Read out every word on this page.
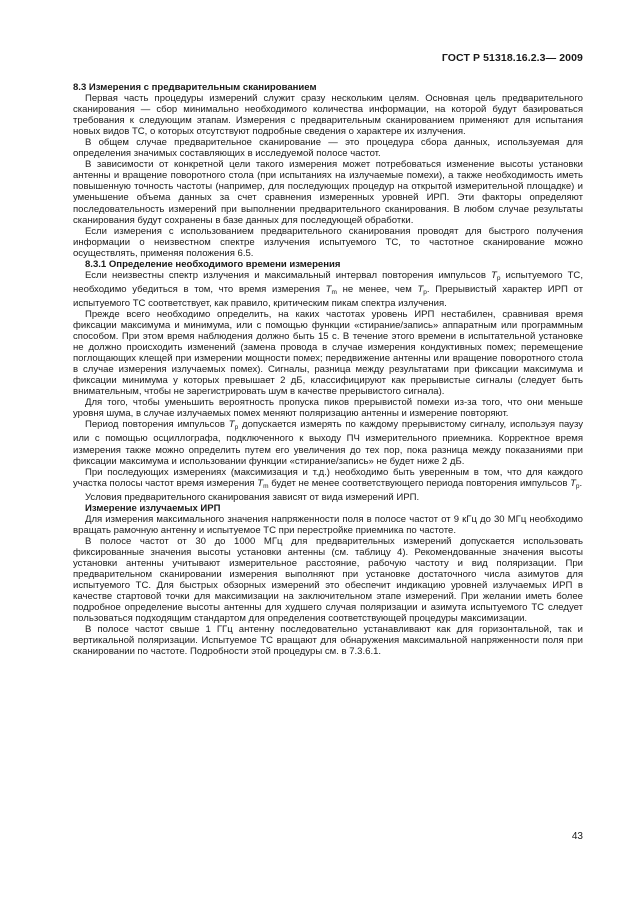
ГОСТ Р 51318.16.2.3— 2009

8.3 Измерения с предварительным сканированием

Первая часть процедуры измерений служит сразу нескольким целям. Основная цель предварительного сканирования — сбор минимально необходимого количества информации, на которой будут базироваться требования к следующим этапам. Измерения с предварительным сканированием применяют для испытания новых видов ТС, о которых отсутствуют подробные сведения о характере их излучения.

В общем случае предварительное сканирование — это процедура сбора данных, используемая для определения значимых составляющих в исследуемой полосе частот.

В зависимости от конкретной цели такого измерения может потребоваться изменение высоты установки антенны и вращение поворотного стола (при испытаниях на излучаемые помехи), а также необходимость иметь повышенную точность частоты (например, для последующих процедур на открытой измерительной площадке) и уменьшение объема данных за счет сравнения измеренных уровней ИРП. Эти факторы определяют последовательность измерений при выполнении предварительного сканирования. В любом случае результаты сканирования будут сохранены в базе данных для последующей обработки.

Если измерения с использованием предварительного сканирования проводят для быстрого получения информации о неизвестном спектре излучения испытуемого ТС, то частотное сканирование можно осуществлять, применяя положения 6.5.

8.3.1 Определение необходимого времени измерения

Если неизвестны спектр излучения и максимальный интервал повторения импульсов $T_p$ испытуемого ТС, необходимо убедиться в том, что время измерения $T_m$ не менее, чем $T_p$. Прерывистый характер ИРП от испытуемого ТС соответствует, как правило, критическим пикам спектра излучения.

Прежде всего необходимо определить, на каких частотах уровень ИРП нестабилен, сравнивая время фиксации максимума и минимума, или с помощью функции «стирание/запись» аппаратным или программным способом. При этом время наблюдения должно быть 15 с. В течение этого времени в испытательной установке не должно происходить изменений (замена провода в случае измерения кондуктивных помех; перемещение поглощающих клещей при измерении мощности помех; передвижение антенны или вращение поворотного стола в случае измерения излучаемых помех). Сигналы, разница между результатами при фиксации максимума и фиксации минимума у которых превышает 2 дБ, классифицируют как прерывистые сигналы (следует быть внимательным, чтобы не зарегистрировать шум в качестве прерывистого сигнала).

Для того, чтобы уменьшить вероятность пропуска пиков прерывистой помехи из-за того, что они меньше уровня шума, в случае излучаемых помех меняют поляризацию антенны и измерение повторяют.

Период повторения импульсов $T_p$ допускается измерять по каждому прерывистому сигналу, используя паузу или с помощью осциллографа, подключенного к выходу ПЧ измерительного приемника. Корректное время измерения также можно определить путем его увеличения до тех пор, пока разница между показаниями при фиксации максимума и использовании функции «стирание/запись» не будет ниже 2 дБ.

При последующих измерениях (максимизация и т.д.) необходимо быть уверенным в том, что для каждого участка полосы частот время измерения $T_m$ будет не менее соответствующего периода повторения импульсов $T_p$.

Условия предварительного сканирования зависят от вида измерений ИРП.

Измерение излучаемых ИРП

Для измерения максимального значения напряженности поля в полосе частот от 9 кГц до 30 МГц необходимо вращать рамочную антенну и испытуемое ТС при перестройке приемника по частоте.

В полосе частот от 30 до 1000 МГц для предварительных измерений допускается использовать фиксированные значения высоты установки антенны (см. таблицу 4). Рекомендованные значения высоты установки антенны учитывают измерительное расстояние, рабочую частоту и вид поляризации. При предварительном сканировании измерения выполняют при установке достаточного числа азимутов для испытуемого ТС. Для быстрых обзорных измерений это обеспечит индикацию уровней излучаемых ИРП в качестве стартовой точки для максимизации на заключительном этапе измерений. При желании иметь более подробное определение высоты антенны для худшего случая поляризации и азимута испытуемого ТС следует пользоваться подходящим стандартом для определения соответствующей процедуры максимизации.

В полосе частот свыше 1 ГГц антенну последовательно устанавливают как для горизонтальной, так и вертикальной поляризации. Испытуемое ТС вращают для обнаружения максимальной напряженности поля при сканировании по частоте. Подробности этой процедуры см. в 7.3.6.1.

43
